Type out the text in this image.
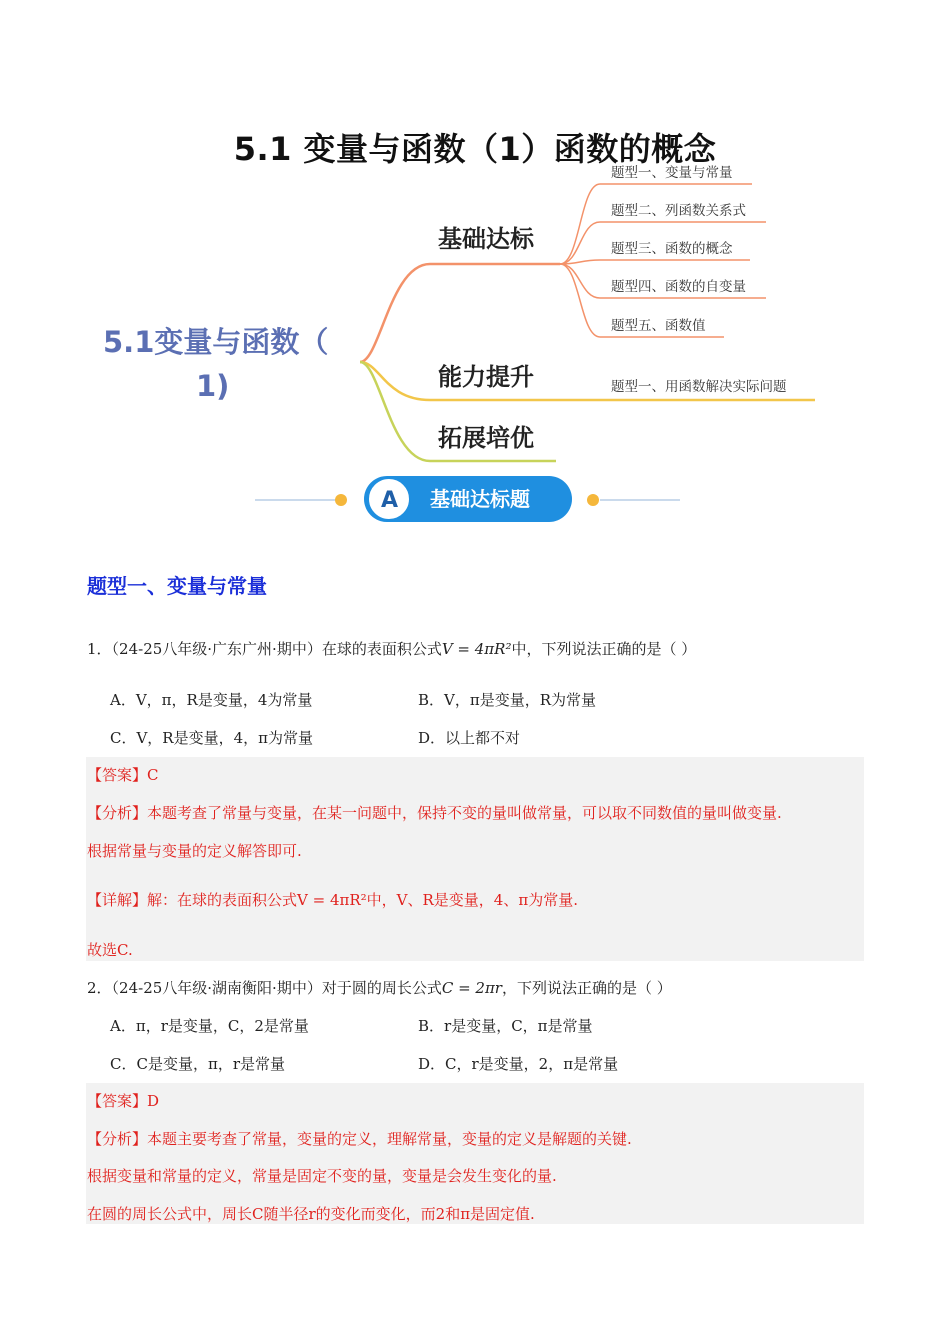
5.1 变量与函数（1）函数的概念
5.1变量与函数（
1)
基础达标
能力提升
拓展培优
题型一、变量与常量
题型二、列函数关系式
题型三、函数的概念
题型四、函数的自变量
题型五、函数值
题型一、用函数解决实际问题
A 基础达标题
题型一、变量与常量
1．（24-25八年级·广东广州·期中）在球的表面积公式V = 4πR²中，下列说法正确的是（ ）
A．V，π，R是变量，4为常量	B．V，π是变量，R为常量
C．V，R是变量，4，π为常量	D．以上都不对
【答案】C
【分析】本题考查了常量与变量，在某一问题中，保持不变的量叫做常量，可以取不同数值的量叫做变量.
根据常量与变量的定义解答即可.
【详解】解：在球的表面积公式V = 4πR²中，V、R是变量，4、π为常量.
故选C.
2．（24-25八年级·湖南衡阳·期中）对于圆的周长公式C = 2πr，下列说法正确的是（ ）
A．π，r是变量，C，2是常量	B．r是变量，C，π是常量
C．C是变量，π，r是常量	D．C，r是变量，2，π是常量
【答案】D
【分析】本题主要考查了常量，变量的定义，理解常量，变量的定义是解题的关键.
根据变量和常量的定义，常量是固定不变的量，变量是会发生变化的量.
在圆的周长公式中，周长C随半径r的变化而变化，而2和π是固定值.
